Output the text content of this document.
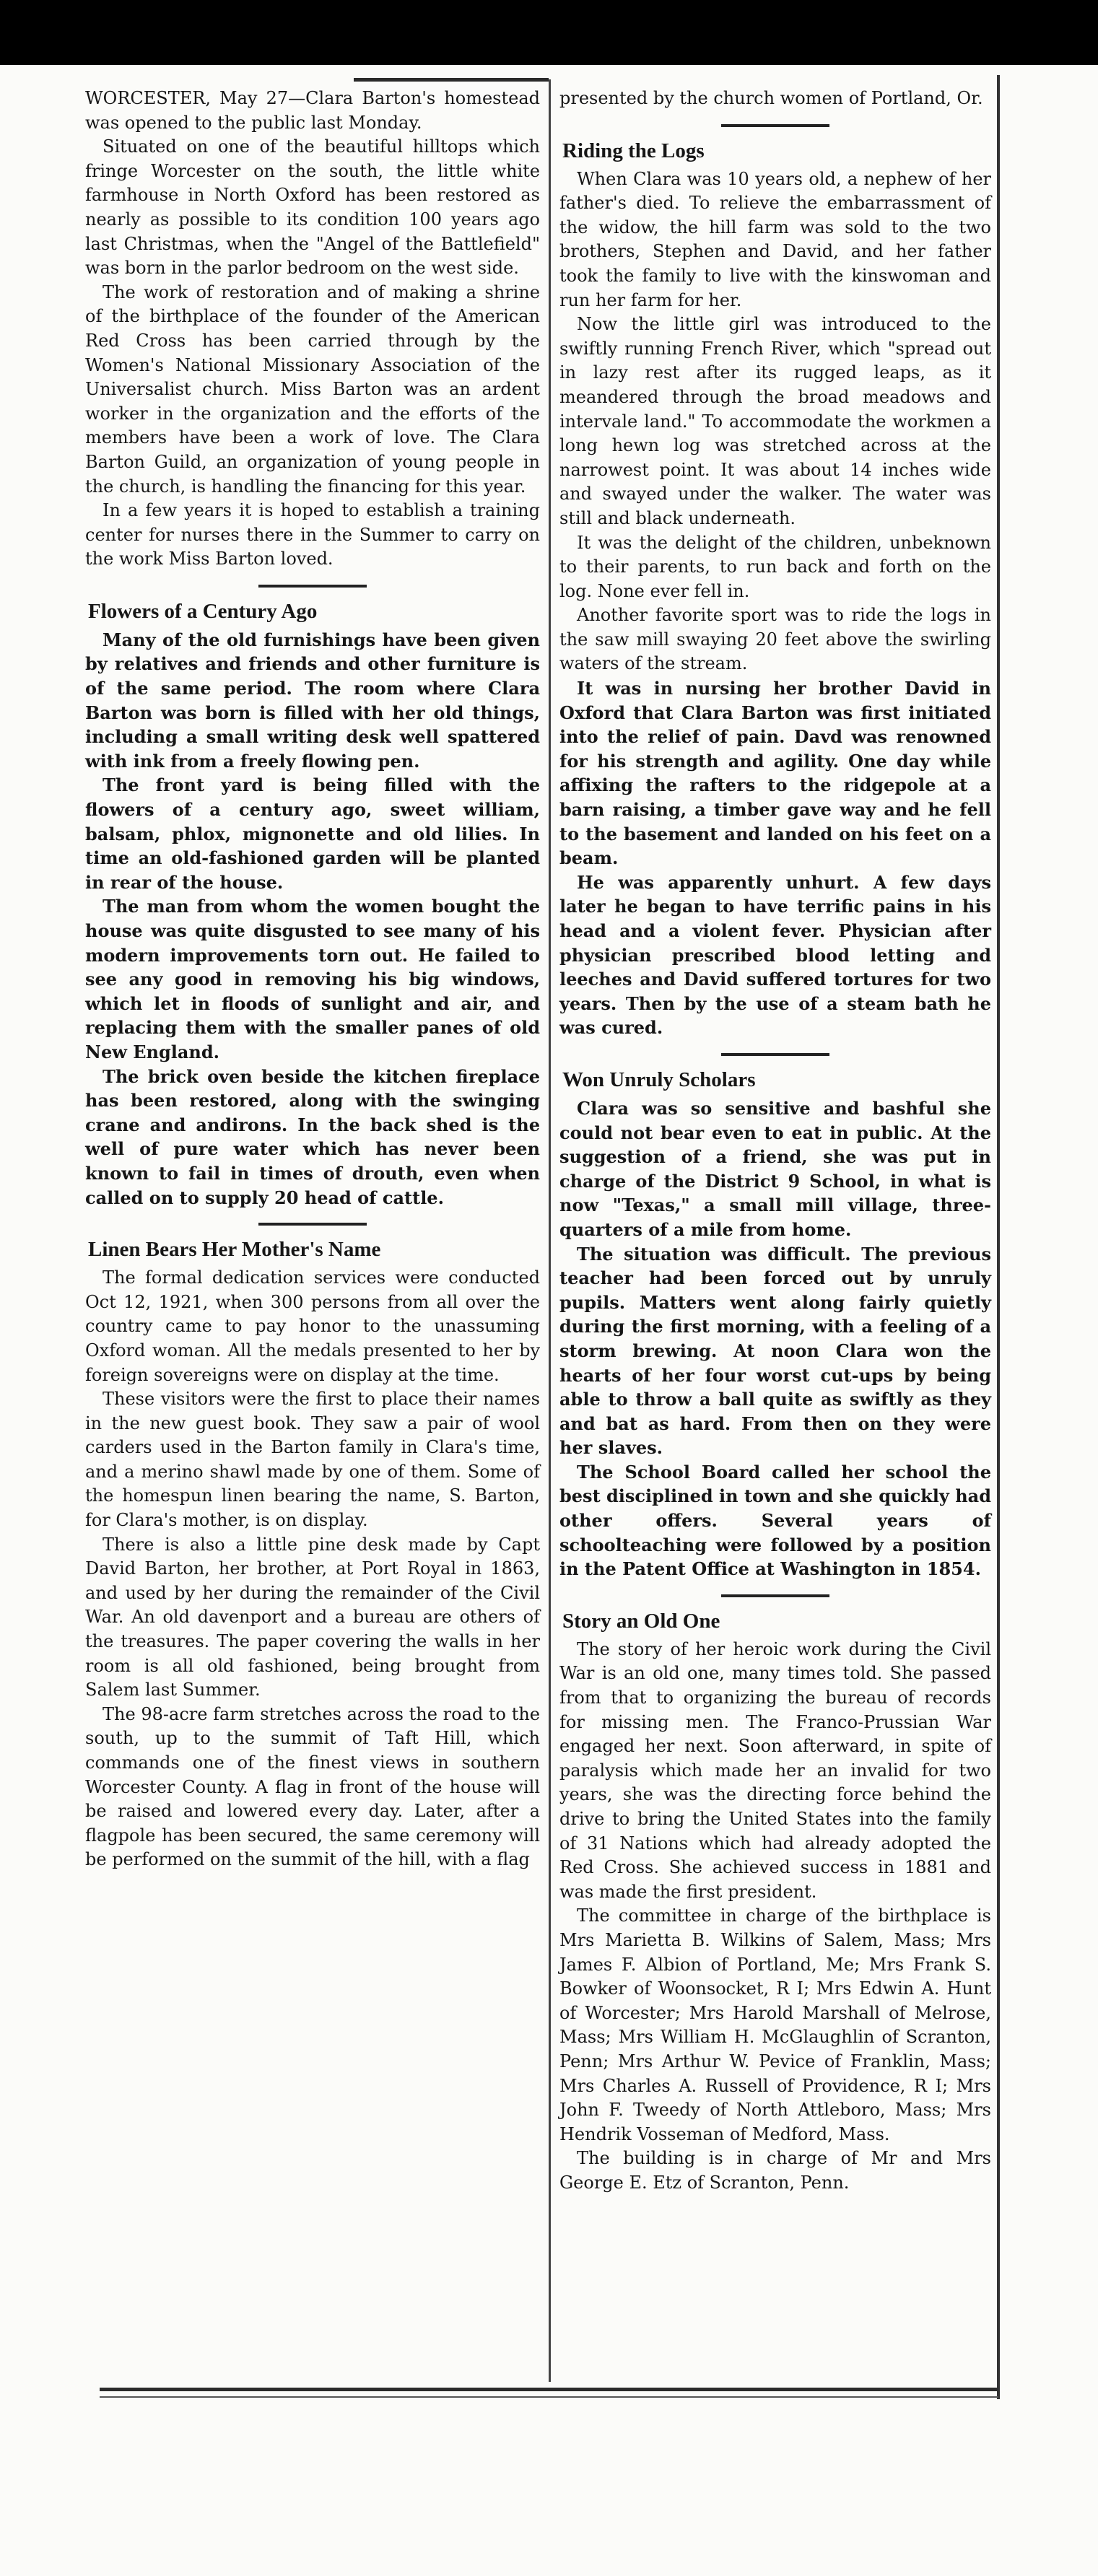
WORCESTER, May 27—Clara Barton's homestead was opened to the public last Monday.

Situated on one of the beautiful hilltops which fringe Worcester on the south, the little white farmhouse in North Oxford has been restored as nearly as possible to its condition 100 years ago last Christmas, when the "Angel of the Battlefield" was born in the parlor bedroom on the west side.

The work of restoration and of making a shrine of the birthplace of the founder of the American Red Cross has been carried through by the Women's National Missionary Association of the Universalist church. Miss Barton was an ardent worker in the organization and the efforts of the members have been a work of love. The Clara Barton Guild, an organization of young people in the church, is handling the financing for this year.

In a few years it is hoped to establish a training center for nurses there in the Summer to carry on the work Miss Barton loved.

Flowers of a Century Ago

Many of the old furnishings have been given by relatives and friends and other furniture is of the same period. The room where Clara Barton was born is filled with her old things, including a small writing desk well spattered with ink from a freely flowing pen.

The front yard is being filled with the flowers of a century ago, sweet william, balsam, phlox, mignonette and old lilies. In time an old-fashioned garden will be planted in rear of the house.

The man from whom the women bought the house was quite disgusted to see many of his modern improvements torn out. He failed to see any good in removing his big windows, which let in floods of sunlight and air, and replacing them with the smaller panes of old New England.

The brick oven beside the kitchen fireplace has been restored, along with the swinging crane and andirons. In the back shed is the well of pure water which has never been known to fail in times of drouth, even when called on to supply 20 head of cattle.

Linen Bears Her Mother's Name

The formal dedication services were conducted Oct 12, 1921, when 300 persons from all over the country came to pay honor to the unassuming Oxford woman. All the medals presented to her by foreign sovereigns were on display at the time.

These visitors were the first to place their names in the new guest book. They saw a pair of wool carders used in the Barton family in Clara's time, and a merino shawl made by one of them. Some of the homespun linen bearing the name, S. Barton, for Clara's mother, is on display.

There is also a little pine desk made by Capt David Barton, her brother, at Port Royal in 1863, and used by her during the remainder of the Civil War. An old davenport and a bureau are others of the treasures. The paper covering the walls in her room is all old fashioned, being brought from Salem last Summer.

The 98-acre farm stretches across the road to the south, up to the summit of Taft Hill, which commands one of the finest views in southern Worcester County. A flag in front of the house will be raised and lowered every day. Later, after a flagpole has been secured, the same ceremony will be performed on the summit of the hill, with a flag

presented by the church women of Portland, Or.

Riding the Logs

When Clara was 10 years old, a nephew of her father's died. To relieve the embarrassment of the widow, the hill farm was sold to the two brothers, Stephen and David, and her father took the family to live with the kinswoman and run her farm for her.

Now the little girl was introduced to the swiftly running French River, which "spread out in lazy rest after its rugged leaps, as it meandered through the broad meadows and intervale land." To accommodate the workmen a long hewn log was stretched across at the narrowest point. It was about 14 inches wide and swayed under the walker. The water was still and black underneath.

It was the delight of the children, unbeknown to their parents, to run back and forth on the log. None ever fell in.

Another favorite sport was to ride the logs in the saw mill swaying 20 feet above the swirling waters of the stream.

It was in nursing her brother David in Oxford that Clara Barton was first initiated into the relief of pain. Davd was renowned for his strength and agility. One day while affixing the rafters to the ridgepole at a barn raising, a timber gave way and he fell to the basement and landed on his feet on a beam.

He was apparently unhurt. A few days later he began to have terrific pains in his head and a violent fever. Physician after physician prescribed blood letting and leeches and David suffered tortures for two years. Then by the use of a steam bath he was cured.

Won Unruly Scholars

Clara was so sensitive and bashful she could not bear even to eat in public. At the suggestion of a friend, she was put in charge of the District 9 School, in what is now "Texas," a small mill village, three-quarters of a mile from home.

The situation was difficult. The previous teacher had been forced out by unruly pupils. Matters went along fairly quietly during the first morning, with a feeling of a storm brewing. At noon Clara won the hearts of her four worst cut-ups by being able to throw a ball quite as swiftly as they and bat as hard. From then on they were her slaves.

The School Board called her school the best disciplined in town and she quickly had other offers. Several years of schoolteaching were followed by a position in the Patent Office at Washington in 1854.

Story an Old One

The story of her heroic work during the Civil War is an old one, many times told. She passed from that to organizing the bureau of records for missing men. The Franco-Prussian War engaged her next. Soon afterward, in spite of paralysis which made her an invalid for two years, she was the directing force behind the drive to bring the United States into the family of 31 Nations which had already adopted the Red Cross. She achieved success in 1881 and was made the first president.

The committee in charge of the birthplace is Mrs Marietta B. Wilkins of Salem, Mass; Mrs James F. Albion of Portland, Me; Mrs Frank S. Bowker of Woonsocket, R I; Mrs Edwin A. Hunt of Worcester; Mrs Harold Marshall of Melrose, Mass; Mrs William H. McGlaughlin of Scranton, Penn; Mrs Arthur W. Pevice of Franklin, Mass; Mrs Charles A. Russell of Providence, R I; Mrs John F. Tweedy of North Attleboro, Mass; Mrs Hendrik Vosseman of Medford, Mass.

The building is in charge of Mr and Mrs George E. Etz of Scranton, Penn.
